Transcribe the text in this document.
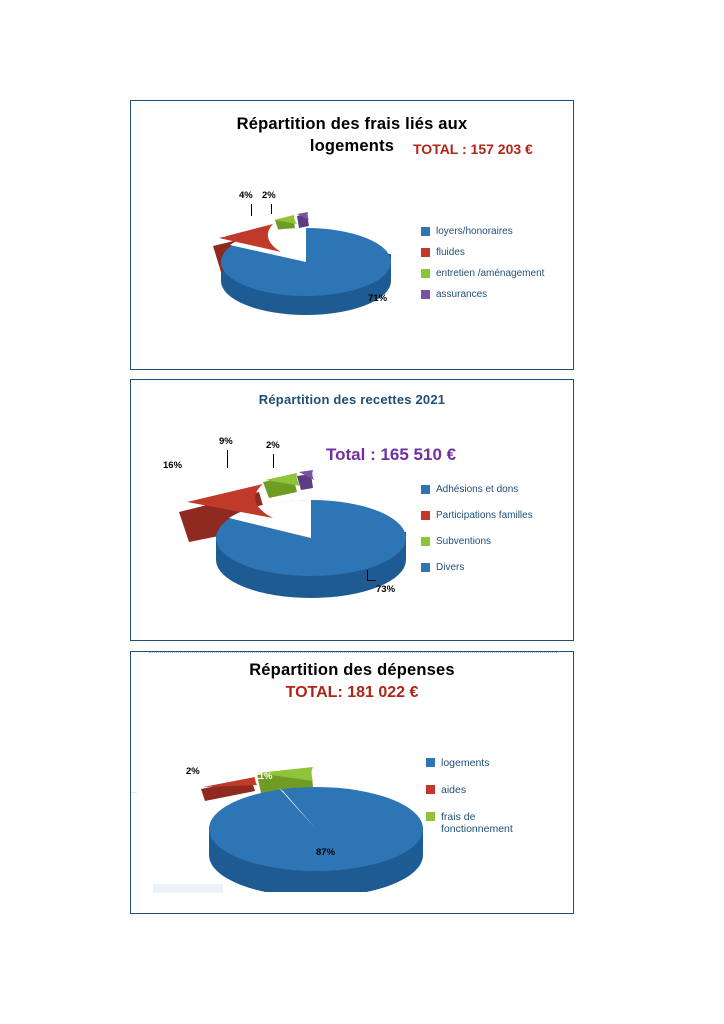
Répartition des frais liés aux logements	TOTAL : 157 203 €
71%
23%
4% 2%
loyers/honoraires
fluides
entretien /aménagement
assurances
Répartition des recettes 2021
Total : 165 510 €
73%
16%
9%	2%
Adhésions et dons
Participations familles
Subventions
Divers
Répartition des dépenses
TOTAL: 181 022 €
87%
2%	11%
logements
aides
frais de fonctionnement
